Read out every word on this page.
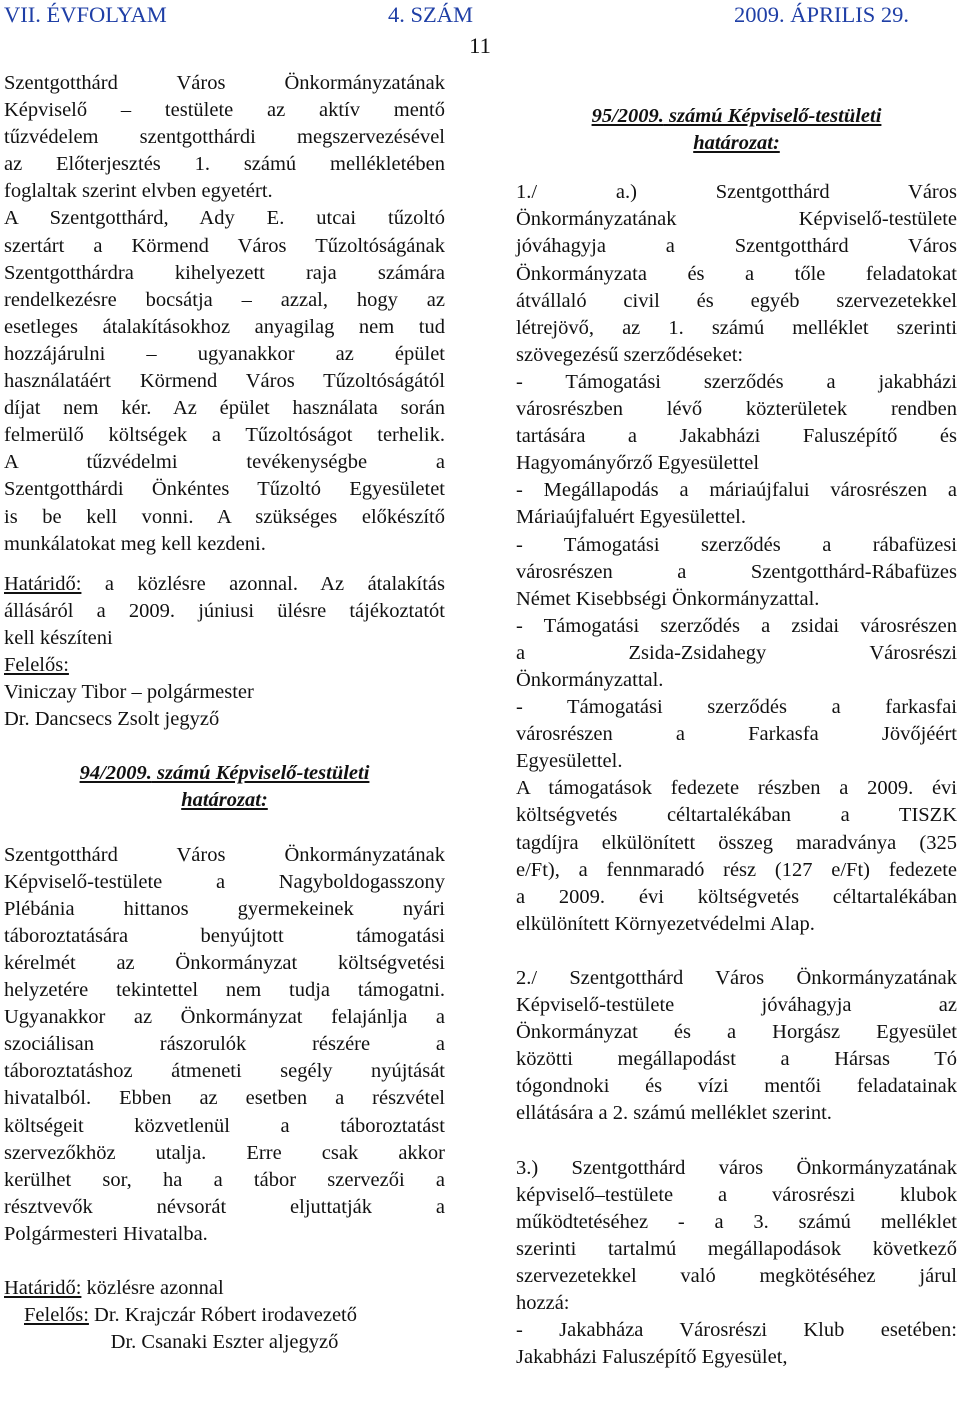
VII. ÉVFOLYAM	4. SZÁM	2009. ÁPRILIS 29.
11

Szentgotthárd Város Önkormányzatának

Képviselő – testülete az aktív mentő

tűzvédelem szentgotthárdi megszervezésével

az Előterjesztés 1. számú mellékletében

foglaltak szerint elvben egyetért.

A Szentgotthárd, Ady E. utcai tűzoltó

szertárt a Körmend Város Tűzoltóságának

Szentgotthárdra kihelyezett raja számára

rendelkezésre bocsátja – azzal, hogy az

esetleges átalakításokhoz anyagilag nem tud

hozzájárulni – ugyanakkor az épület

használatáért Körmend Város Tűzoltóságától

díjat nem kér. Az épület használata során

felmerülő költségek a Tűzoltóságot terhelik.

A tűzvédelmi tevékenységbe a

Szentgotthárdi Önkéntes Tűzoltó Egyesületet

is be kell vonni. A szükséges előkészítő

munkálatokat meg kell kezdeni.

Határidő: a közlésre azonnal. Az átalakítás

állásáról a 2009. júniusi ülésre tájékoztatót

kell készíteni

Felelős:

Viniczay Tibor – polgármester

Dr. Dancsecs Zsolt jegyző

94/2009. számú Képviselő-testületi

határozat:

Szentgotthárd Város Önkormányzatának

Képviselő-testülete a Nagyboldogasszony

Plébánia hittanos gyermekeinek nyári

táboroztatására benyújtott támogatási

kérelmét az Önkormányzat költségvetési

helyzetére tekintettel nem tudja támogatni.

Ugyanakkor az Önkormányzat felajánlja a

szociálisan rászorulók részére a

táboroztatáshoz átmeneti segély nyújtását

hivatalból. Ebben az esetben a részvétel

költségeit közvetlenül a táboroztatást

szervezőkhöz utalja. Erre csak akkor

kerülhet sor, ha a tábor szervezői a

résztvevők névsorát eljuttatják a

Polgármesteri Hivatalba.

Határidő: közlésre azonnal

Felelős: Dr. Krajczár Róbert irodavezető

Dr. Csanaki Eszter aljegyző

95/2009. számú Képviselő-testületi

határozat:

1./ a.) Szentgotthárd Város

Önkormányzatának Képviselő-testülete

jóváhagyja a Szentgotthárd Város

Önkormányzata és a tőle feladatokat

átvállaló civil és egyéb szervezetekkel

létrejövő, az 1. számú melléklet szerinti

szövegezésű szerződéseket:

- Támogatási szerződés a jakabházi

városrészben lévő közterületek rendben

tartására a Jakabházi Faluszépítő és

Hagyományőrző Egyesülettel

- Megállapodás a máriaújfalui városrészen a

Máriaújfaluért Egyesülettel.

- Támogatási szerződés a rábafüzesi

városrészen a Szentgotthárd-Rábafüzes

Német Kisebbségi Önkormányzattal.

- Támogatási szerződés a zsidai városrészen

a Zsida-Zsidahegy Városrészi

Önkormányzattal.

- Támogatási szerződés a farkasfai

városrészen a Farkasfa Jövőjéért

Egyesülettel.

A támogatások fedezete részben a 2009. évi

költségvetés céltartalékában a TISZK

tagdíjra elkülönített összeg maradványa (325

e/Ft), a fennmaradó rész (127 e/Ft) fedezete

a 2009. évi költségvetés céltartalékában

elkülönített Környezetvédelmi Alap.

2./ Szentgotthárd Város Önkormányzatának

Képviselő-testülete jóváhagyja az

Önkormányzat és a Horgász Egyesület

közötti megállapodást a Hársas Tó

tógondnoki és vízi mentői feladatainak

ellátására a 2. számú melléklet szerint.

3.) Szentgotthárd város Önkormányzatának

képviselő–testülete a városrészi klubok

működtetéséhez - a 3. számú melléklet

szerinti tartalmú megállapodások következő

szervezetekkel való megkötéséhez járul

hozzá:

- Jakabháza Városrészi Klub esetében:

Jakabházi Faluszépítő Egyesület,
